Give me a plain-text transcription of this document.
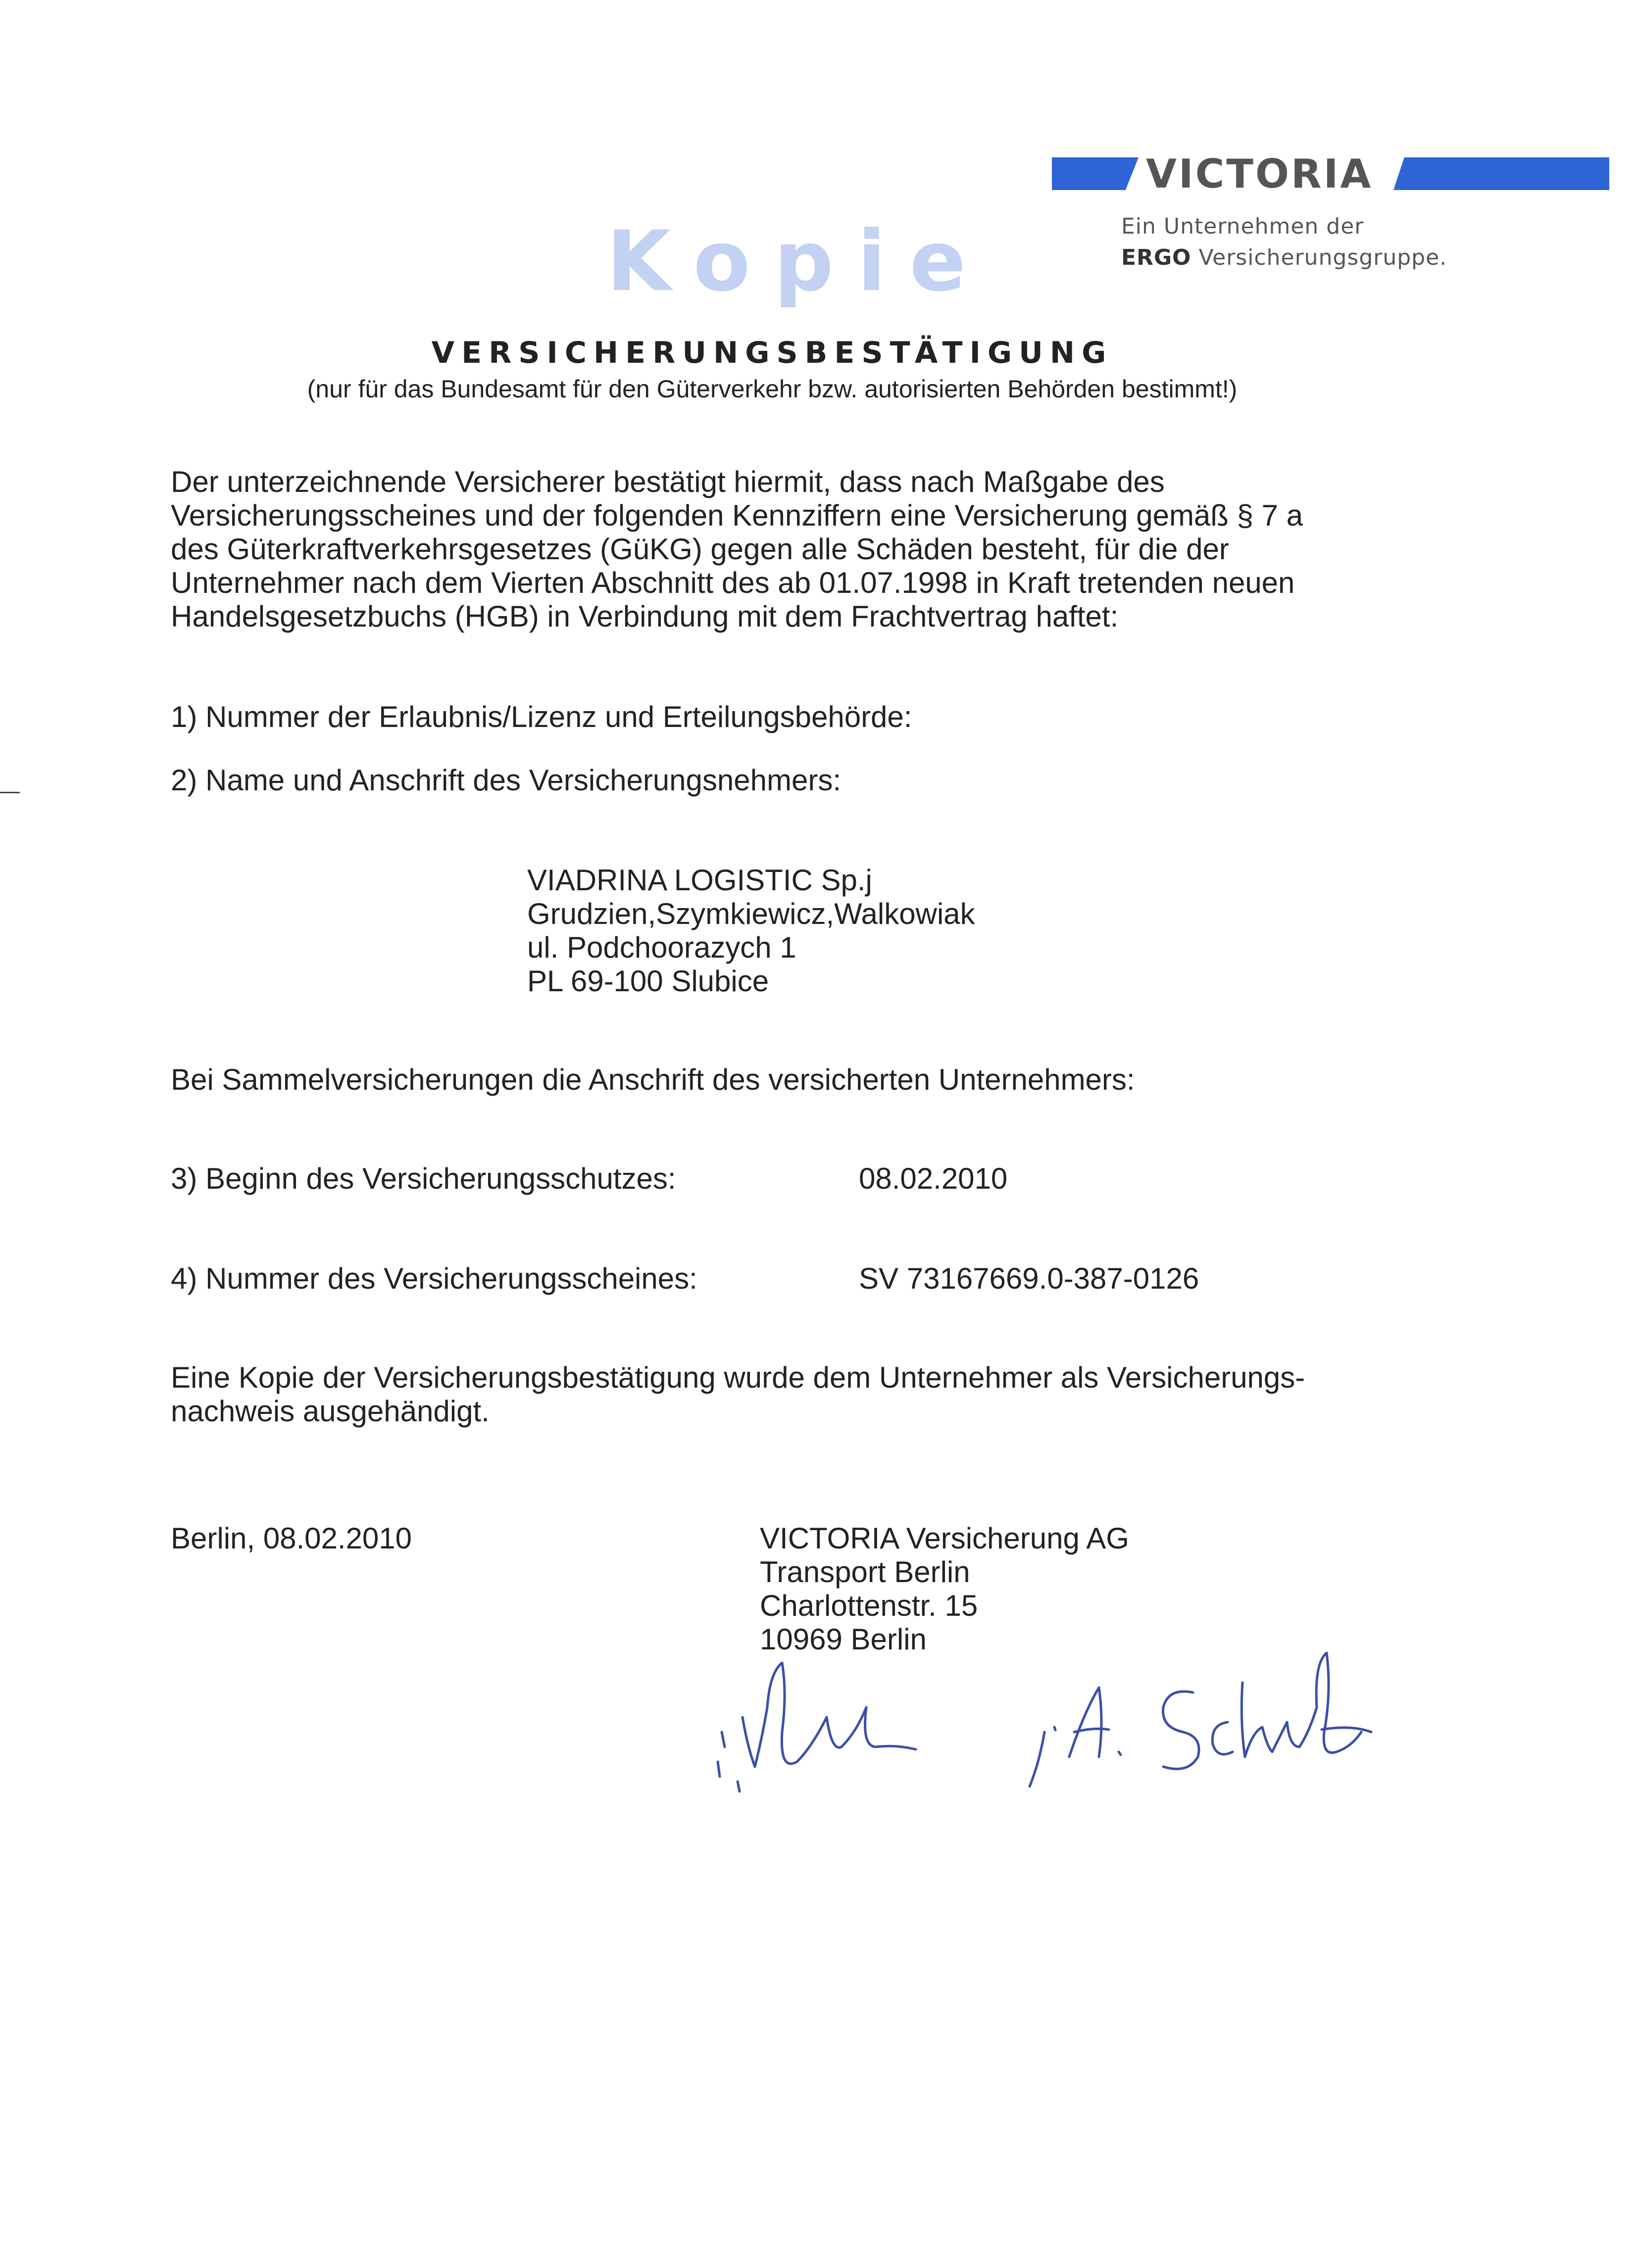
VICTORIA
Ein Unternehmen der
ERGO Versicherungsgruppe.
Kopie
VERSICHERUNGSBESTÄTIGUNG
(nur für das Bundesamt für den Güterverkehr bzw. autorisierten Behörden bestimmt!)
Der unterzeichnende Versicherer bestätigt hiermit, dass nach Maßgabe des
Versicherungsscheines und der folgenden Kennziffern eine Versicherung gemäß § 7 a
des Güterkraftverkehrsgesetzes (GüKG) gegen alle Schäden besteht, für die der
Unternehmer nach dem Vierten Abschnitt des ab 01.07.1998 in Kraft tretenden neuen
Handelsgesetzbuchs (HGB) in Verbindung mit dem Frachtvertrag haftet:
1) Nummer der Erlaubnis/Lizenz und Erteilungsbehörde:
2) Name und Anschrift des Versicherungsnehmers:
VIADRINA LOGISTIC Sp.j
Grudzien,Szymkiewicz,Walkowiak
ul. Podchoorazych 1
PL 69-100 Slubice
Bei Sammelversicherungen die Anschrift des versicherten Unternehmers:
3) Beginn des Versicherungsschutzes:	08.02.2010
4) Nummer des Versicherungsscheines:	SV 73167669.0-387-0126
Eine Kopie der Versicherungsbestätigung wurde dem Unternehmer als Versicherungs-
nachweis ausgehändigt.
Berlin, 08.02.2010	VICTORIA Versicherung AG
Transport Berlin
Charlottenstr. 15
10969 Berlin
